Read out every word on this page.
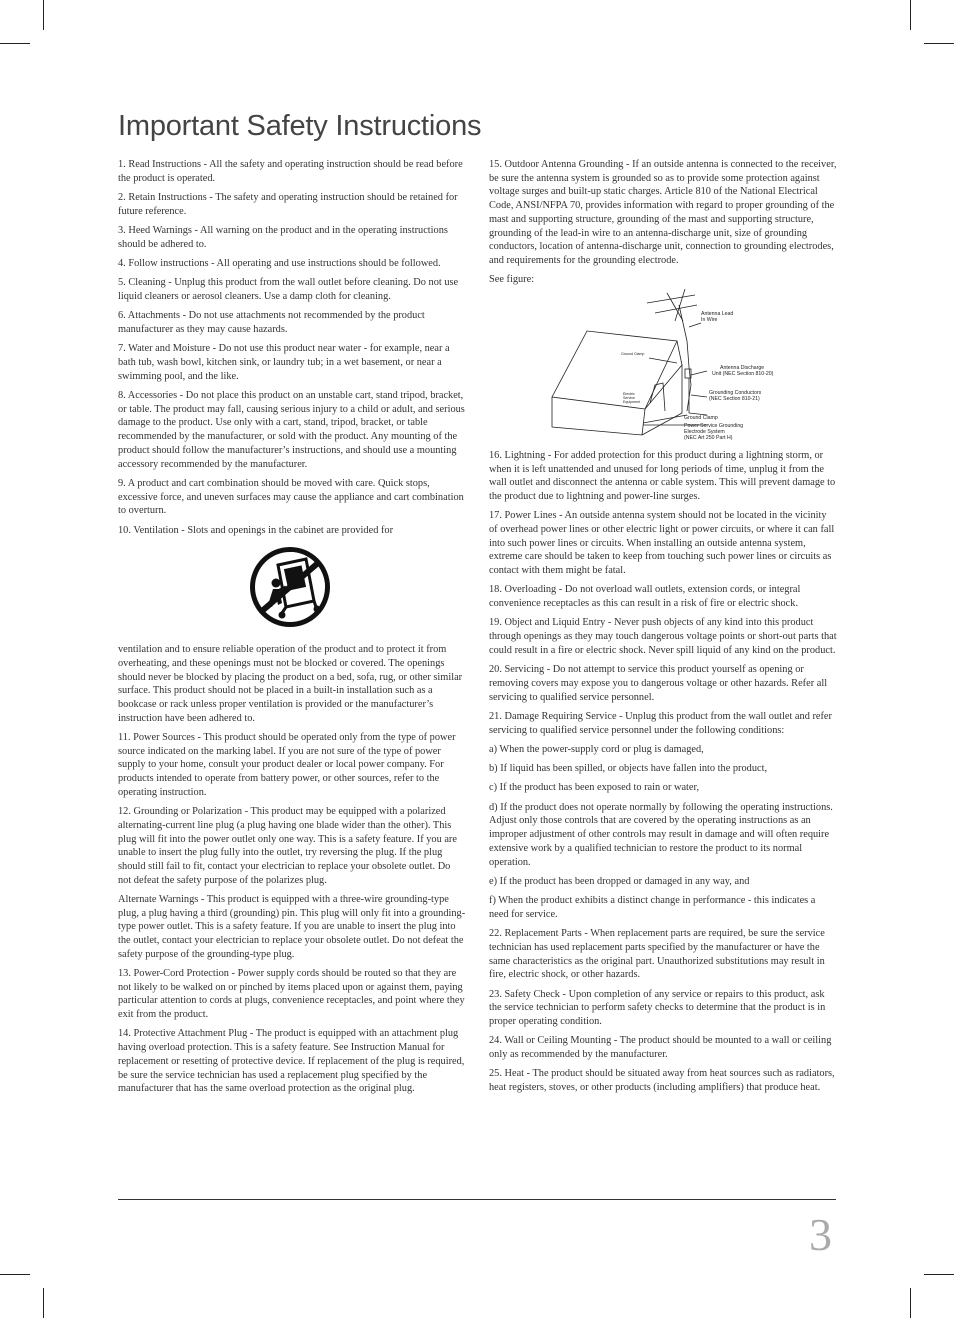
Important Safety Instructions

1. Read Instructions - All the safety and operating instruction should be read before the product is operated.

2. Retain Instructions - The safety and operating instruction should be retained for future reference.

3. Heed Warnings - All warning on the product and in the operating instructions should be adhered to.

4. Follow instructions - All operating and use instructions should be followed.

5. Cleaning - Unplug this product from the wall outlet before cleaning. Do not use liquid cleaners or aerosol cleaners. Use a damp cloth for cleaning.

6. Attachments - Do not use attachments not recommended by the product manufacturer as they may cause hazards.

7. Water and Moisture - Do not use this product near water - for example, near a bath tub, wash bowl, kitchen sink, or laundry tub; in a wet basement, or near a swimming pool, and the like.

8. Accessories - Do not place this product on an unstable cart, stand tripod, bracket, or table. The product may fall, causing serious injury to a child or adult, and serious damage to the product. Use only with a cart, stand, tripod, bracket, or table recommended by the manufacturer, or sold with the product. Any mounting of the product should follow the manufacturer’s instructions, and should use a mounting accessory recommended by the manufacturer.

9. A product and cart combination should be moved with care. Quick stops, excessive force, and uneven surfaces may cause the appliance and cart combination to overturn.

10. Ventilation - Slots and openings in the cabinet are provided for

ventilation and to ensure reliable operation of the product and to protect it from overheating, and these openings must not be blocked or covered. The openings should never be blocked by placing the product on a bed, sofa, rug, or other similar surface. This product should not be placed in a built-in installation such as a bookcase or rack unless proper ventilation is provided or the manufacturer’s instruction have been adhered to.

11. Power Sources - This product should be operated only from the type of power source indicated on the marking label. If you are not sure of the type of power supply to your home, consult your product dealer or local power company. For products intended to operate from battery power, or other sources, refer to the operating instruction.

12. Grounding or Polarization - This product may be equipped with a polarized alternating-current line plug (a plug having one blade wider than the other). This plug will fit into the power outlet only one way. This is a safety feature. If you are unable to insert the plug fully into the outlet, try reversing the plug. If the plug should still fail to fit, contact your electrician to replace your obsolete outlet. Do not defeat the safety purpose of the polarizes plug.

Alternate Warnings - This product is equipped with a three-wire grounding-type plug, a plug having a third (grounding) pin. This plug will only fit into a grounding-type power outlet. This is a safety feature. If you are unable to insert the plug into the outlet, contact your electrician to replace your obsolete outlet. Do not defeat the safety purpose of the grounding-type plug.

13. Power-Cord Protection - Power supply cords should be routed so that they are not likely to be walked on or pinched by items placed upon or against them, paying particular attention to cords at plugs, convenience receptacles, and point where they exit from the product.

14. Protective Attachment Plug - The product is equipped with an attachment plug having overload protection. This is a safety feature. See Instruction Manual for replacement or resetting of protective device. If replacement of the plug is required, be sure the service technician has used a replacement plug specified by the manufacturer that has the same overload protection as the original plug.

15. Outdoor Antenna Grounding - If an outside antenna is connected to the receiver, be sure the antenna system is grounded so as to provide some protection against voltage surges and built-up static charges. Article 810 of the National Electrical Code, ANSI/NFPA 70, provides information with regard to proper grounding of the mast and supporting structure, grounding of the mast and supporting structure, grounding of the lead-in wire to an antenna-discharge unit, size of grounding conductors, location of antenna-discharge unit, connection to grounding electrodes, and requirements for the grounding electrode.

See figure:

Antenna Lead
In Wire
Ground Clamp
Antenna Discharge
Unit (NEC Section 810-20)
Grounding Conductors
(NEC Section 810-21)
Electric
Service
Equipment
Ground Clamp
Power Service Grounding
Electrode System
(NEC Art 250 Part H)

16. Lightning - For added protection for this product during a lightning storm, or when it is left unattended and unused for long periods of time, unplug it from the wall outlet and disconnect the antenna or cable system. This will prevent damage to the product due to lightning and power-line surges.

17. Power Lines - An outside antenna system should not be located in the vicinity of overhead power lines or other electric light or power circuits, or where it can fall into such power lines or circuits. When installing an outside antenna system, extreme care should be taken to keep from touching such power lines or circuits as contact with them might be fatal.

18. Overloading - Do not overload wall outlets, extension cords, or integral convenience receptacles as this can result in a risk of fire or electric shock.

19. Object and Liquid Entry - Never push objects of any kind into this product through openings as they may touch dangerous voltage points or short-out parts that could result in a fire or electric shock. Never spill liquid of any kind on the product.

20. Servicing - Do not attempt to service this product yourself as opening or removing covers may expose you to dangerous voltage or other hazards. Refer all servicing to qualified service personnel.

21. Damage Requiring Service - Unplug this product from the wall outlet and refer servicing to qualified service personnel under the following conditions:

a) When the power-supply cord or plug is damaged,

b) If liquid has been spilled, or objects have fallen into the product,

c) If the product has been exposed to rain or water,

d) If the product does not operate normally by following the operating instructions. Adjust only those controls that are covered by the operating instructions as an improper adjustment of other controls may result in damage and will often require extensive work by a qualified technician to restore the product to its normal operation.

e) If the product has been dropped or damaged in any way, and

f) When the product exhibits a distinct change in performance - this indicates a need for service.

22. Replacement Parts - When replacement parts are required, be sure the service technician has used replacement parts specified by the manufacturer or have the same characteristics as the original part. Unauthorized substitutions may result in fire, electric shock, or other hazards.

23. Safety Check - Upon completion of any service or repairs to this product, ask the service technician to perform safety checks to determine that the product is in proper operating condition.

24. Wall or Ceiling Mounting - The product should be mounted to a wall or ceiling only as recommended by the manufacturer.

25. Heat - The product should be situated away from heat sources such as radiators, heat registers, stoves, or other products (including amplifiers) that produce heat.

3
